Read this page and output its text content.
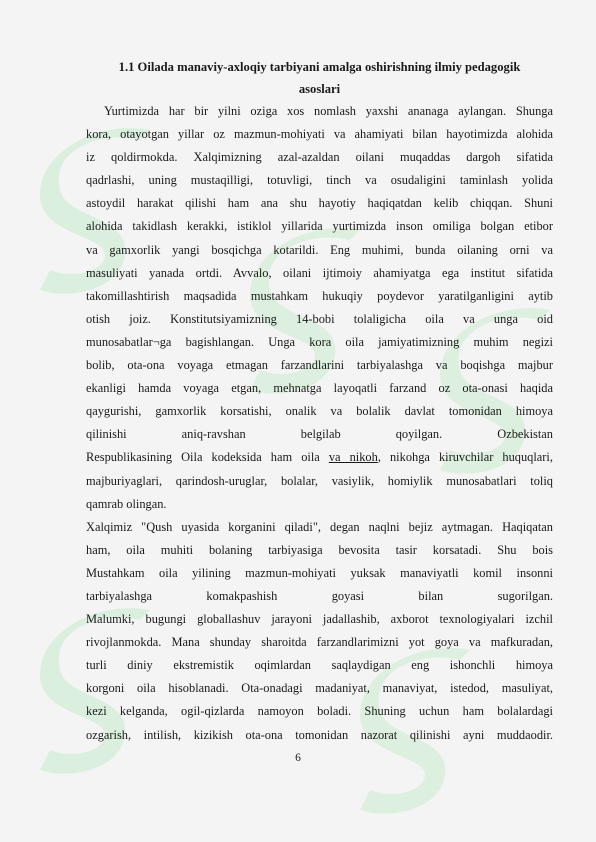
1.1 Oilada manaviy-axloqiy tarbiyani amalga oshirishning ilmiy pedagogik
asoslari
Yurtimizda har bir yilni oziga xos nomlash yaxshi ananaga aylangan. Shunga
kora, otayotgan yillar oz mazmun-mohiyati va ahamiyati bilan hayotimizda alohida
iz qoldirmokda. Xalqimizning azal-azaldan oilani muqaddas dargoh sifatida
qadrlashi, uning mustaqilligi, totuvligi, tinch va osudaligini taminlash yolida
astoydil harakat qilishi ham ana shu hayotiy haqiqatdan kelib chiqqan. Shuni
alohida takidlash kerakki, istiklol yillarida yurtimizda inson omiliga bolgan etibor
va gamxorlik yangi bosqichga kotarildi. Eng muhimi, bunda oilaning orni va
masuliyati yanada ortdi. Avvalo, oilani ijtimoiy ahamiyatga ega institut sifatida
takomillashtirish maqsadida mustahkam hukuqiy poydevor yaratilganligini aytib
otish joiz. Konstitutsiyamizning 14-bobi tolaligicha oila va unga oid
munosabatlar¬ga bagishlangan. Unga kora oila jamiyatimizning muhim negizi
bolib, ota-ona voyaga etmagan farzandlarini tarbiyalashga va boqishga majbur
ekanligi hamda voyaga etgan, mehnatga layoqatli farzand oz ota-onasi haqida
qaygurishi, gamxorlik korsatishi, onalik va bolalik davlat tomonidan himoya
qilinishi aniq-ravshan belgilab qoyilgan. Ozbekistan
Respublikasining Oila kodeksida ham oila va nikoh, nikohga kiruvchilar huquqlari,
majburiyaglari, qarindosh-uruglar, bolalar, vasiylik, homiylik munosabatlari toliq
qamrab olingan.
Xalqimiz "Qush uyasida korganini qiladi", degan naqlni bejiz aytmagan. Haqiqatan
ham, oila muhiti bolaning tarbiyasiga bevosita tasir korsatadi. Shu bois
Mustahkam oila yilining mazmun-mohiyati yuksak manaviyatli komil insonni
tarbiyalashga komakpashish goyasi bilan sugorilgan.
Malumki, bugungi globallashuv jarayoni jadallashib, axborot texnologiyalari izchil
rivojlanmokda. Mana shunday sharoitda farzandlarimizni yot goya va mafkuradan,
turli diniy ekstremistik oqimlardan saqlaydigan eng ishonchli himoya
korgoni oila hisoblanadi. Ota-onadagi madaniyat, manaviyat, istedod, masuliyat,
kezi kelganda, ogil-qizlarda namoyon boladi. Shuning uchun ham bolalardagi
ozgarish, intilish, kizikish ota-ona tomonidan nazorat qilinishi ayni muddaodir.
6
